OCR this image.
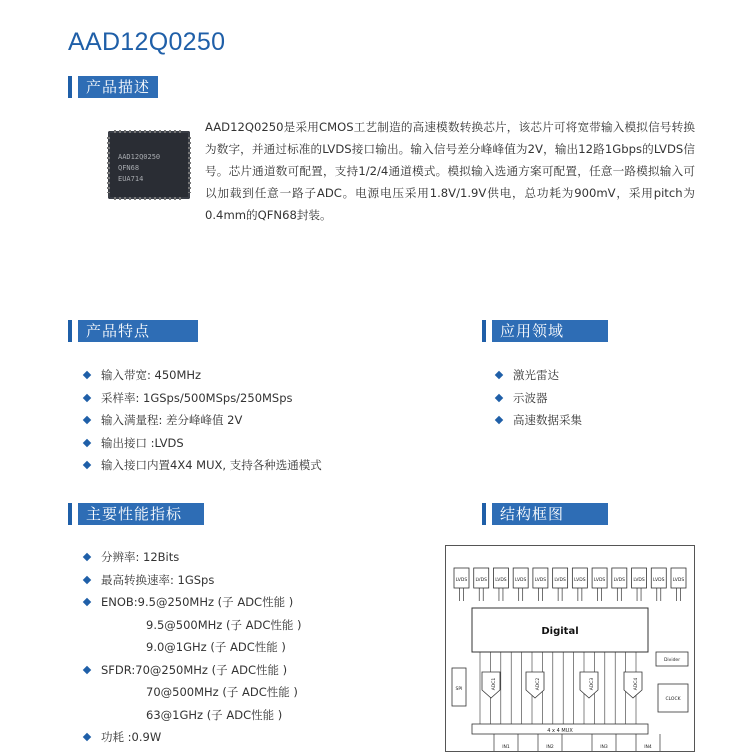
AAD12Q0250
产品描述
AAD12Q0250
QFN68
EUA714
AAD12Q0250是采用CMOS工艺制造的高速模数转换芯片，该芯片可将宽带输入模拟信号转换为数字，并通过标准的LVDS接口输出。输入信号差分峰峰值为2V，输出12路1Gbps的LVDS信号。芯片通道数可配置，支持1/2/4通道模式。模拟输入选通方案可配置，任意一路模拟输入可以加载到任意一路子ADC。电源电压采用1.8V/1.9V供电，总功耗为900mV，采用pitch为0.4mm的QFN68封装。
产品特点
输入带宽: 450MHz
采样率: 1GSps/500MSps/250MSps
输入满量程: 差分峰峰值 2V
输出接口 :LVDS
输入接口内置4X4 MUX, 支持各种选通模式
应用领域
激光雷达
示波器
高速数据采集
主要性能指标
分辨率: 12Bits
最高转换速率: 1GSps
ENOB:9.5@250MHz (子 ADC性能 )
9.5@500MHz (子 ADC性能 )
9.0@1GHz (子 ADC性能 )
SFDR:70@250MHz (子 ADC性能 )
70@500MHz (子 ADC性能 )
63@1GHz (子 ADC性能 )
功耗 :0.9W
结构框图
LVDS LVDS LVDS LVDS LVDS LVDS LVDS LVDS LVDS LVDS LVDS LVDS
Digital
Divider
SPI
CLOCK
ADC1	ADC2	ADC3	ADC4
4 x 4 MUX
IN1	IN2	IN3	IN4
